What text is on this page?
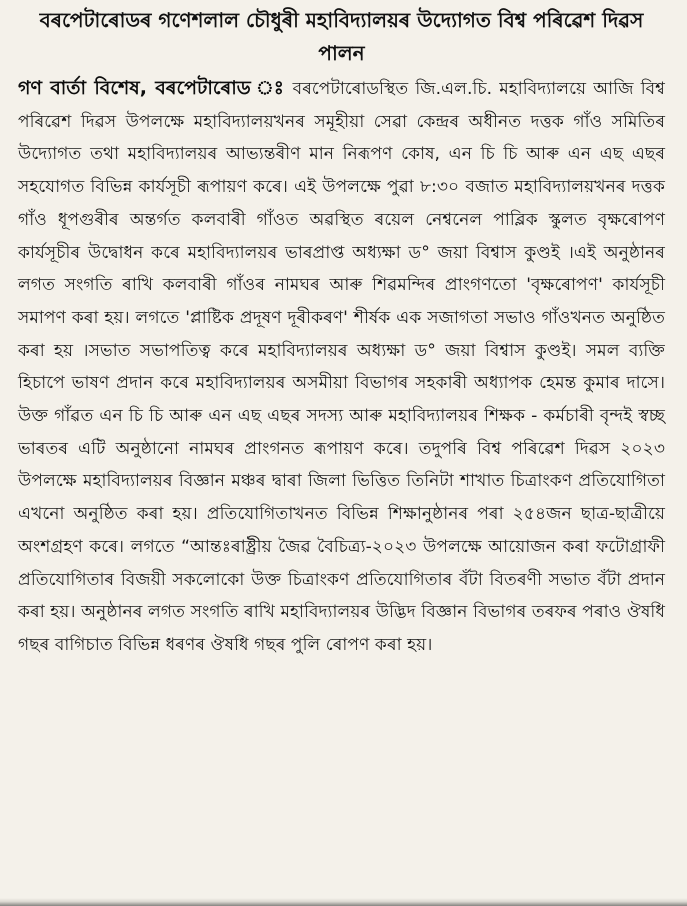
বৰপেটাৰোডৰ গণেশলাল চৌধুৰী মহাবিদ্যালয়ৰ উদ্যোগত বিশ্ব পৰিৱেশ দিৱস পালন

গণ বাৰ্তা বিশেষ, বৰপেটাৰোড ঃ বৰপেটাৰোডস্থিত জি.এল.চি. মহাবিদ্যালয়ে আজি বিশ্ব পৰিৱেশ দিৱস উপলক্ষে মহাবিদ্যালয়খনৰ সমূহীয়া সেৱা কেন্দ্ৰৰ অধীনত দত্তক গাঁও সমিতিৰ উদ্যোগত তথা মহাবিদ্যালয়ৰ আভ্যন্তৰীণ মান নিৰূপণ কোষ, এন চি চি আৰু এন এছ এছৰ সহযোগত বিভিন্ন কাৰ্যসূচী ৰূপায়ণ কৰে। এই উপলক্ষে পুৱা ৮:৩০ বজাত মহাবিদ্যালয়খনৰ দত্তক গাঁও ধূপগুৰীৰ অন্তৰ্গত কলবাৰী গাঁওত অৱস্থিত ৰয়েল নেশ্বনেল পাব্লিক স্কুলত বৃক্ষৰোপণ কাৰ্যসূচীৰ উদ্বোধন কৰে মহাবিদ্যালয়ৰ ভাৰপ্ৰাপ্ত অধ্যক্ষা ড° জয়া বিশ্বাস কুণ্ডই ।এই অনুষ্ঠানৰ লগত সংগতি ৰাখি কলবাৰী গাঁওৰ নামঘৰ আৰু শিৱমন্দিৰ প্ৰাংগণতো 'বৃক্ষৰোপণ' কাৰ্যসূচী সমাপণ কৰা হয়। লগতে 'প্লাষ্টিক প্ৰদূষণ দূৰীকৰণ' শীৰ্ষক এক সজাগতা সভাও গাঁওখনত অনুষ্ঠিত কৰা হয় ।সভাত সভাপতিত্ব কৰে মহাবিদ্যালয়ৰ অধ্যক্ষা ড° জয়া বিশ্বাস কুণ্ডই। সমল ব্যক্তি হিচাপে ভাষণ প্ৰদান কৰে মহাবিদ্যালয়ৰ অসমীয়া বিভাগৰ সহকাৰী অধ্যাপক হেমন্ত কুমাৰ দাসে। উক্ত গাঁৱত এন চি চি আৰু এন এছ এছৰ সদস্য আৰু মহাবিদ্যালয়ৰ শিক্ষক - কৰ্মচাৰী বৃন্দই স্বচ্ছ ভাৰতৰ এটি অনুষ্ঠানো নামঘৰ প্ৰাংগনত ৰূপায়ণ কৰে। তদুপৰি বিশ্ব পৰিৱেশ দিৱস ২০২৩ উপলক্ষে মহাবিদ্যালয়ৰ বিজ্ঞান মঞ্চৰ দ্বাৰা জিলা ভিত্তিত তিনিটা শাখাত চিত্ৰাংকণ প্ৰতিযোগিতা এখনো অনুষ্ঠিত কৰা হয়। প্ৰতিযোগিতাখনত বিভিন্ন শিক্ষানুষ্ঠানৰ পৰা ২৫৪জন ছাত্ৰ-ছাত্ৰীয়ে অংশগ্ৰহণ কৰে। লগতে “আন্তঃৰাষ্ট্ৰীয় জৈৱ বৈচিত্ৰ্য-২০২৩ উপলক্ষে আয়োজন কৰা ফটোগ্ৰাফী প্ৰতিযোগিতাৰ বিজয়ী সকলোকো উক্ত চিত্ৰাংকণ প্ৰতিযোগিতাৰ বঁটা বিতৰণী সভাত বঁটা প্ৰদান কৰা হয়। অনুষ্ঠানৰ লগত সংগতি ৰাখি মহাবিদ্যালয়ৰ উদ্ভিদ বিজ্ঞান বিভাগৰ তৰফৰ পৰাও ঔষধি গছৰ বাগিচাত বিভিন্ন ধৰণৰ ঔষধি গছৰ পুলি ৰোপণ কৰা হয়।
